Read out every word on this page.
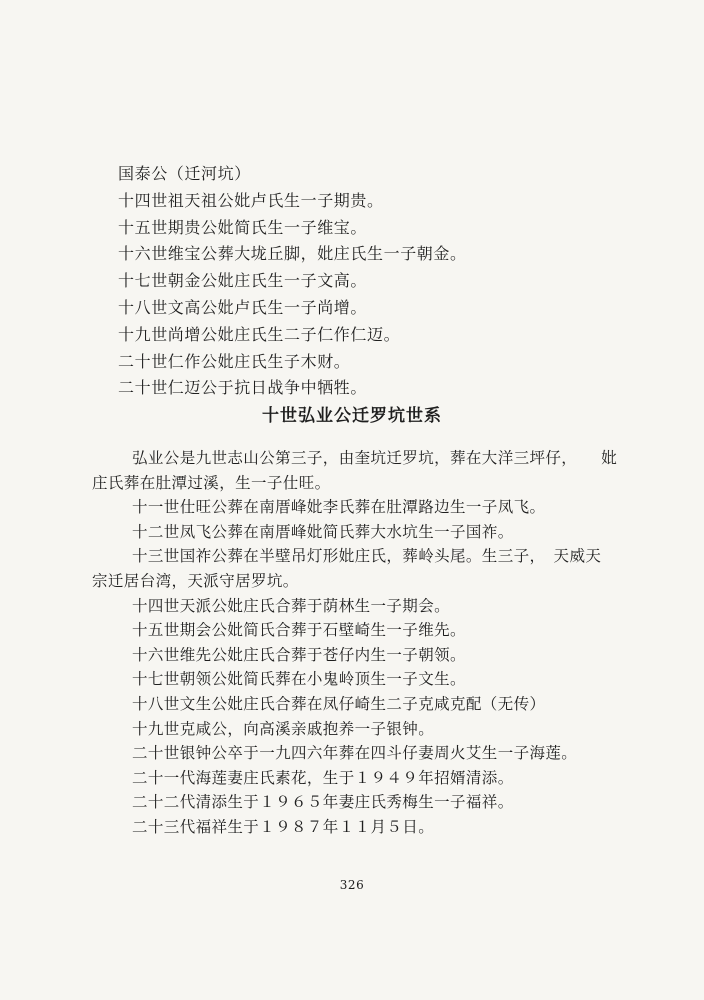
国泰公（迁河坑）
十四世祖天祖公妣卢氏生一子期贵。
十五世期贵公妣简氏生一子维宝。
十六世维宝公葬大垅丘脚，妣庄氏生一子朝金。
十七世朝金公妣庄氏生一子文高。
十八世文高公妣卢氏生一子尚增。
十九世尚增公妣庄氏生二子仁作仁迈。
二十世仁作公妣庄氏生子木财。
二十世仁迈公于抗日战争中牺牲。
十世弘业公迁罗坑世系
弘业公是九世志山公第三子，由奎坑迁罗坑，葬在大洋三坪仔，　　妣
庄氏葬在肚潭过溪，生一子仕旺。
十一世仕旺公葬在南厝峰妣李氏葬在肚潭路边生一子凤飞。
十二世凤飞公葬在南厝峰妣简氏葬大水坑生一子国祚。
十三世国祚公葬在半壁吊灯形妣庄氏，葬岭头尾。生三子，　天威天
宗迁居台湾，天派守居罗坑。
十四世天派公妣庄氏合葬于荫林生一子期会。
十五世期会公妣简氏合葬于石壁崎生一子维先。
十六世维先公妣庄氏合葬于苍仔内生一子朝领。
十七世朝领公妣简氏葬在小鬼岭顶生一子文生。
十八世文生公妣庄氏合葬在凤仔崎生二子克咸克配（无传）
十九世克咸公，向高溪亲戚抱养一子银钟。
二十世银钟公卒于一九四六年葬在四斗仔妻周火艾生一子海莲。
二十一代海莲妻庄氏素花，生于１９４９年招婿清添。
二十二代清添生于１９６５年妻庄氏秀梅生一子福祥。
二十三代福祥生于１９８７年１１月５日。
326
